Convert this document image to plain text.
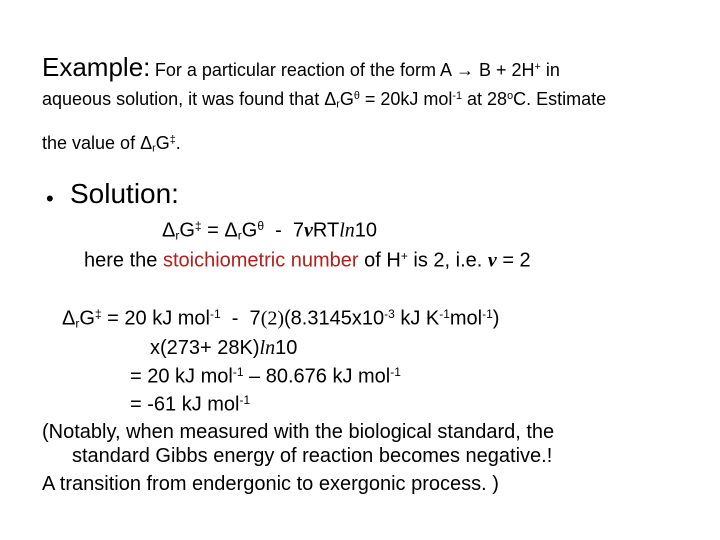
Example: For a particular reaction of the form A → B + 2H+ in
aqueous solution, it was found that $\Delta_rG^\theta = 20kJ$ mol$^{-1}$ at 28$^o$C. Estimate
the value of $\Delta_rG^\ddagger$.
• Solution:
$\Delta_rG^\ddagger = \Delta_rG^\theta - 7\nu RTln10$
here the stoichiometric number of H+ is 2, i.e. ν = 2
$\Delta_rG^\ddagger = 20$ kJ $mol^{-1} - 7(2)(8.3145x10^{-3}$ kJ $K^{-1}mol^{-1}$)
x(273+ 28K)ln10
= 20 kJ mol$^{-1}$ – 80.676 kJ mol$^{-1}$
= -61 kJ mol$^{-1}$
(Notably, when measured with the biological standard, the
standard Gibbs energy of reaction becomes negative.!
A transition from endergonic to exergonic process. )
